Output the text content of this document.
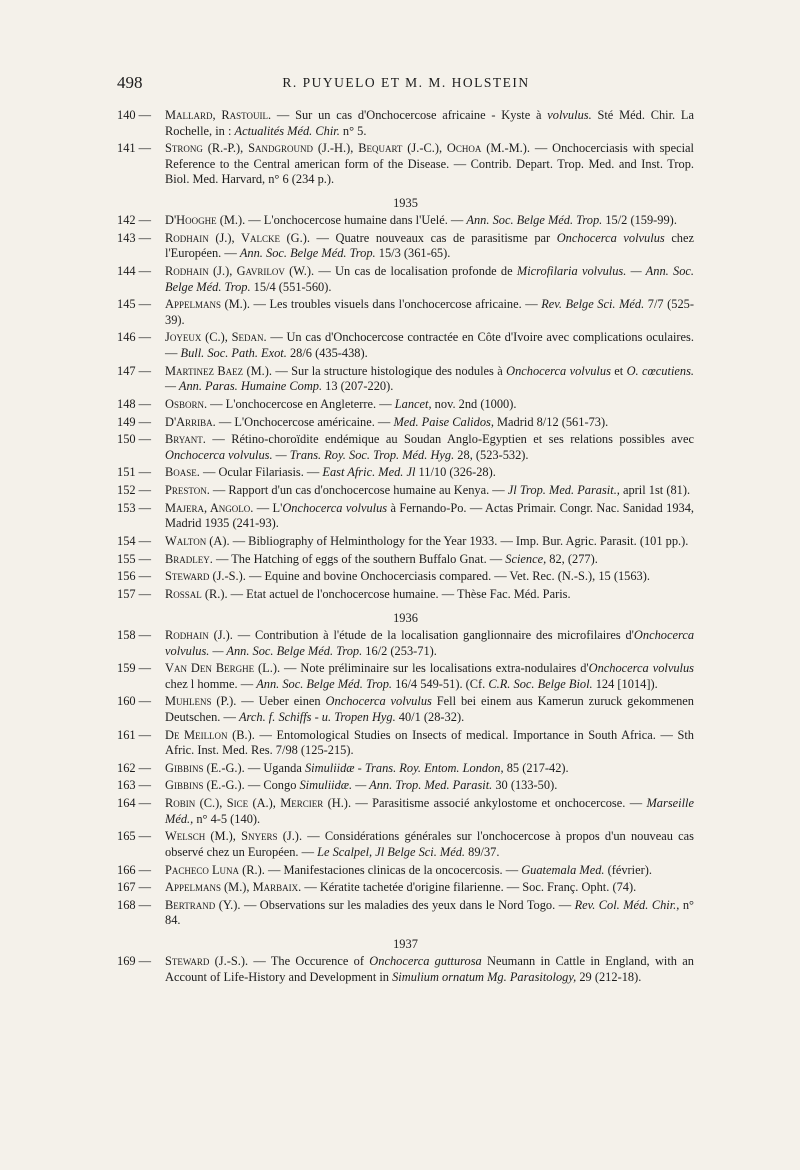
498	R. PUYUELO ET M. M. HOLSTEIN
140 —	Mallard, Rastouil. — Sur un cas d'Onchocercose africaine - Kyste à volvulus. Sté Méd. Chir. La Rochelle, in : Actualités Méd. Chir. n° 5.
141 —	Strong (R.-P.), Sandground (J.-H.), Bequart (J.-C.), Ochoa (M.-M.). — Onchocerciasis with special Reference to the Central american form of the Disease. — Contrib. Depart. Trop. Med. and Inst. Trop. Biol. Med. Harvard, n° 6 (234 p.).
1935
142 —	D'Hooghe (M.). — L'onchocercose humaine dans l'Uelé. — Ann. Soc. Belge Méd. Trop. 15/2 (159-99).
143 —	Rodhain (J.), Valcke (G.). — Quatre nouveaux cas de parasitisme par Onchocerca volvulus chez l'Européen. — Ann. Soc. Belge Méd. Trop. 15/3 (361-65).
144 —	Rodhain (J.), Gavrilov (W.). — Un cas de localisation profonde de Microfilaria volvulus. — Ann. Soc. Belge Méd. Trop. 15/4 (551-560).
145 —	Appelmans (M.). — Les troubles visuels dans l'onchocercose africaine. — Rev. Belge Sci. Méd. 7/7 (525-39).
146 —	Joyeux (C.), Sedan. — Un cas d'Onchocercose contractée en Côte d'Ivoire avec complications oculaires. — Bull. Soc. Path. Exot. 28/6 (435-438).
147 —	Martinez Baez (M.). — Sur la structure histologique des nodules à Onchocerca volvulus et O. cœcutiens. — Ann. Paras. Humaine Comp. 13 (207-220).
148 —	Osborn. — L'onchocercose en Angleterre. — Lancet, nov. 2nd (1000).
149 —	D'Arriba. — L'Onchocercose américaine. — Med. Paise Calidos, Madrid 8/12 (561-73).
150 —	Bryant. — Rétino-choroïdite endémique au Soudan Anglo-Egyptien et ses relations possibles avec Onchocerca volvulus. — Trans. Roy. Soc. Trop. Méd. Hyg. 28, (523-532).
151 —	Boase. — Ocular Filariasis. — East Afric. Med. Jl 11/10 (326-28).
152 —	Preston. — Rapport d'un cas d'onchocercose humaine au Kenya. — Jl Trop. Med. Parasit., april 1st (81).
153 —	Majera, Angolo. — L'Onchocerca volvulus à Fernando-Po. — Actas Primair. Congr. Nac. Sanidad 1934, Madrid 1935 (241-93).
154 —	Walton (A). — Bibliography of Helminthology for the Year 1933. — Imp. Bur. Agric. Parasit. (101 pp.).
155 —	Bradley. — The Hatching of eggs of the southern Buffalo Gnat. — Science, 82, (277).
156 —	Steward (J.-S.). — Equine and bovine Onchocerciasis compared. — Vet. Rec. (N.-S.), 15 (1563).
157 —	Rossal (R.). — Etat actuel de l'onchocercose humaine. — Thèse Fac. Méd. Paris.
1936
158 —	Rodhain (J.). — Contribution à l'étude de la localisation ganglionnaire des microfilaires d'Onchocerca volvulus. — Ann. Soc. Belge Méd. Trop. 16/2 (253-71).
159 —	Van Den Berghe (L.). — Note préliminaire sur les localisations extra-nodulaires d'Onchocerca volvulus chez l homme. — Ann. Soc. Belge Méd. Trop. 16/4 549-51). (Cf. C.R. Soc. Belge Biol. 124 [1014]).
160 —	Muhlens (P.). — Ueber einen Onchocerca volvulus Fell bei einem aus Kamerun zuruck gekommenen Deutschen. — Arch. f. Schiffs - u. Tropen Hyg. 40/1 (28-32).
161 —	De Meillon (B.). — Entomological Studies on Insects of medical. Importance in South Africa. — Sth Afric. Inst. Med. Res. 7/98 (125-215).
162 —	Gibbins (E.-G.). — Uganda Simuliidæ - Trans. Roy. Entom. London, 85 (217-42).
163 —	Gibbins (E.-G.). — Congo Simuliidæ. — Ann. Trop. Med. Parasit. 30 (133-50).
164 —	Robin (C.), Sice (A.), Mercier (H.). — Parasitisme associé ankylostome et onchocercose. — Marseille Méd., n° 4-5 (140).
165 —	Welsch (M.), Snyers (J.). — Considérations générales sur l'onchocercose à propos d'un nouveau cas observé chez un Européen. — Le Scalpel, Jl Belge Sci. Méd. 89/37.
166 —	Pacheco Luna (R.). — Manifestaciones clinicas de la oncocercosis. — Guatemala Med. (février).
167 —	Appelmans (M.), Marbaix. — Kératite tachetée d'origine filarienne. — Soc. Franç. Opht. (74).
168 —	Bertrand (Y.). — Observations sur les maladies des yeux dans le Nord Togo. — Rev. Col. Méd. Chir., n° 84.
1937
169 —	Steward (J.-S.). — The Occurence of Onchocerca gutturosa Neumann in Cattle in England, with an Account of Life-History and Development in Simulium ornatum Mg. Parasitology, 29 (212-18).
